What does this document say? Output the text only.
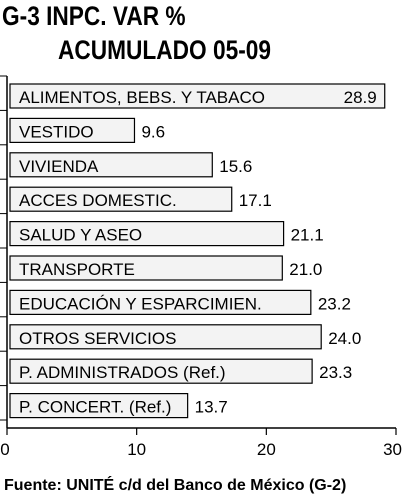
G-3 INPC. VAR %
ACUMULADO 05-09
0	10	20	30
ALIMENTOS, BEBS. Y TABACO	28.9
VESTIDO	9.6
VIVIENDA	15.6
ACCES DOMESTIC.	17.1
SALUD Y ASEO	21.1
TRANSPORTE	21.0
EDUCACIÓN Y ESPARCIMIEN.	23.2
OTROS SERVICIOS	24.0
P. ADMINISTRADOS (Ref.)	23.3
P. CONCERT. (Ref.) 13.7
Fuente: UNITÉ c/d del Banco de México (G-2)
